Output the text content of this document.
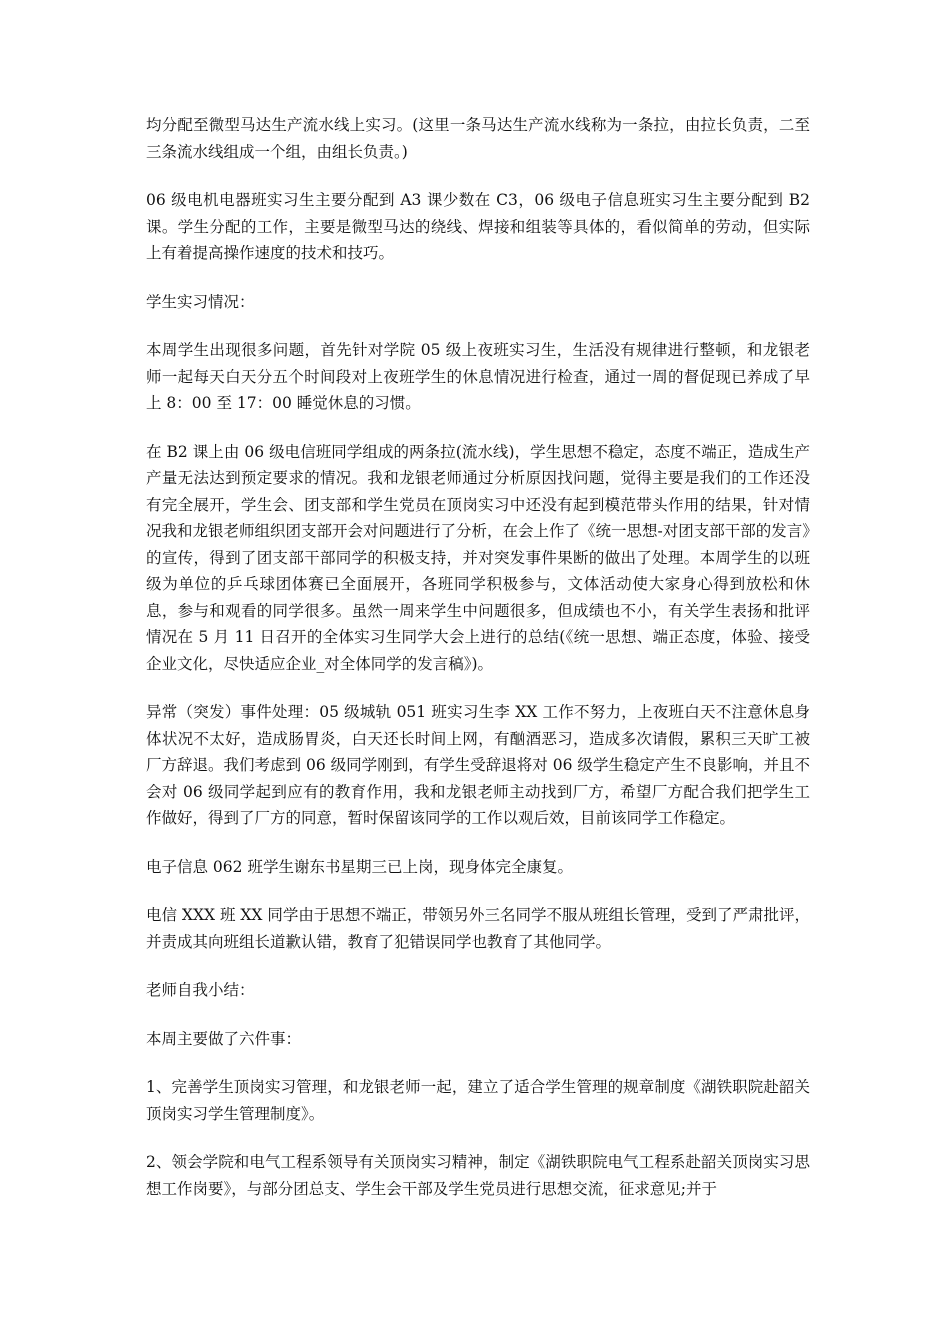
均分配至微型马达生产流水线上实习。(这里一条马达生产流水线称为一条拉，由拉长负责，二至三条流水线组成一个组，由组长负责。)

06 级电机电器班实习生主要分配到 A3 课少数在 C3，06 级电子信息班实习生主要分配到 B2 课。学生分配的工作，主要是微型马达的绕线、焊接和组装等具体的，看似简单的劳动，但实际上有着提高操作速度的技术和技巧。

学生实习情况：

本周学生出现很多问题，首先针对学院 05 级上夜班实习生，生活没有规律进行整顿，和龙银老师一起每天白天分五个时间段对上夜班学生的休息情况进行检查，通过一周的督促现已养成了早上 8：00 至 17：00 睡觉休息的习惯。

在 B2 课上由 06 级电信班同学组成的两条拉(流水线)，学生思想不稳定，态度不端正，造成生产产量无法达到预定要求的情况。我和龙银老师通过分析原因找问题，觉得主要是我们的工作还没有完全展开，学生会、团支部和学生党员在顶岗实习中还没有起到模范带头作用的结果，针对情况我和龙银老师组织团支部开会对问题进行了分析，在会上作了《统一思想-对团支部干部的发言》的宣传，得到了团支部干部同学的积极支持，并对突发事件果断的做出了处理。本周学生的以班级为单位的乒乓球团体赛已全面展开，各班同学积极参与，文体活动使大家身心得到放松和休息，参与和观看的同学很多。虽然一周来学生中问题很多，但成绩也不小，有关学生表扬和批评情况在 5 月 11 日召开的全体实习生同学大会上进行的总结(《统一思想、端正态度，体验、接受企业文化，尽快适应企业_对全体同学的发言稿》)。

异常（突发）事件处理：05 级城轨 051 班实习生李 XX 工作不努力，上夜班白天不注意休息身体状况不太好，造成肠胃炎，白天还长时间上网，有酗酒恶习，造成多次请假，累积三天旷工被厂方辞退。我们考虑到 06 级同学刚到，有学生受辞退将对 06 级学生稳定产生不良影响，并且不会对 06 级同学起到应有的教育作用，我和龙银老师主动找到厂方，希望厂方配合我们把学生工作做好，得到了厂方的同意，暂时保留该同学的工作以观后效，目前该同学工作稳定。

电子信息 062 班学生谢东书星期三已上岗，现身体完全康复。

电信 XXX 班 XX 同学由于思想不端正，带领另外三名同学不服从班组长管理，受到了严肃批评，并责成其向班组长道歉认错，教育了犯错误同学也教育了其他同学。

老师自我小结：

本周主要做了六件事：

1、完善学生顶岗实习管理，和龙银老师一起，建立了适合学生管理的规章制度《湖铁职院赴韶关顶岗实习学生管理制度》。

2、领会学院和电气工程系领导有关顶岗实习精神，制定《湖铁职院电气工程系赴韶关顶岗实习思想工作岗要》，与部分团总支、学生会干部及学生党员进行思想交流，征求意见;并于
